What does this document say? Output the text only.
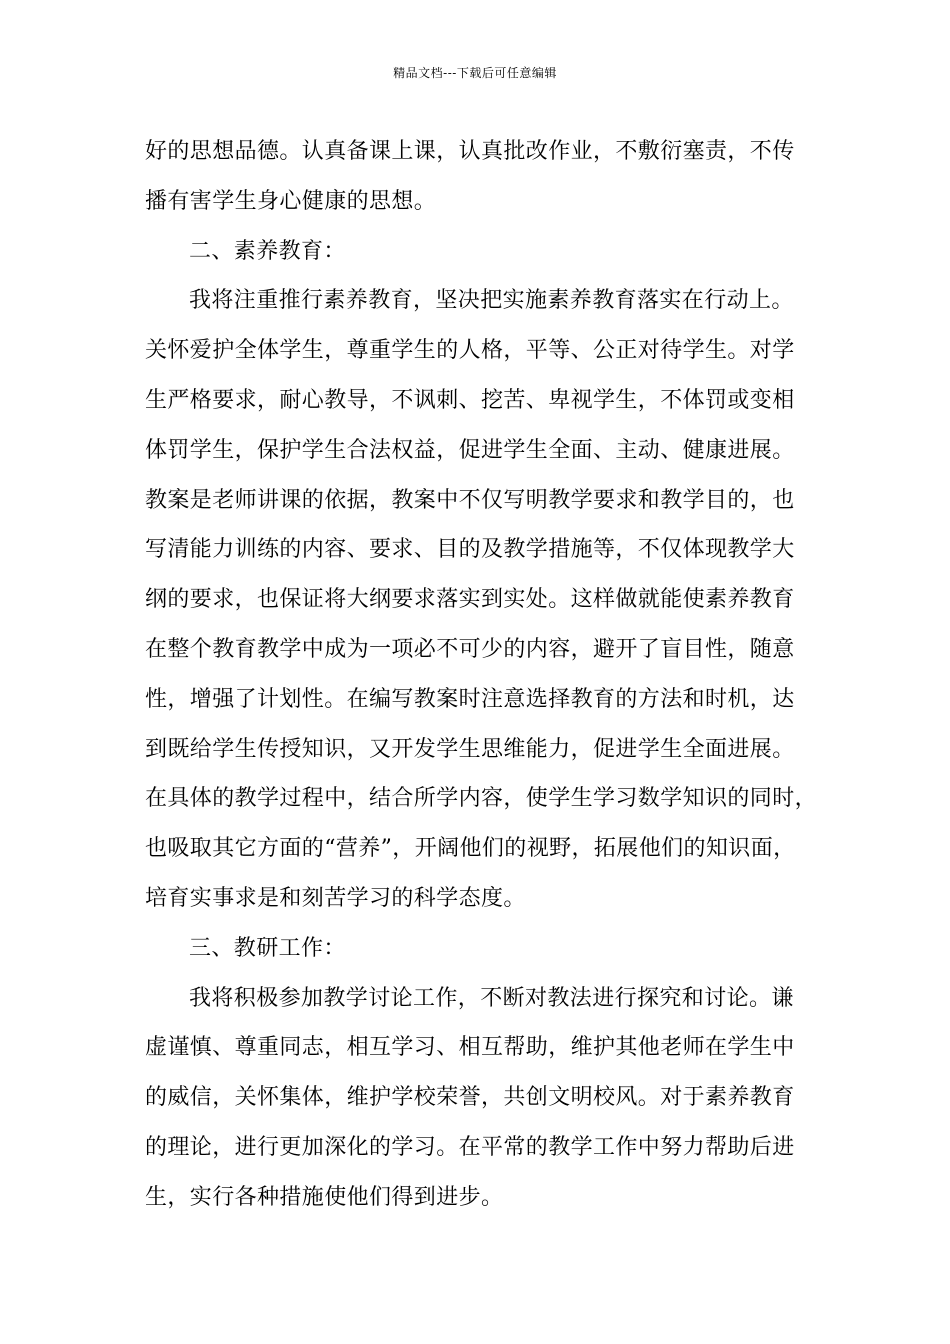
精品文档---下载后可任意编辑
好的思想品德。认真备课上课，认真批改作业，不敷衍塞责，不传
播有害学生身心健康的思想。
二、素养教育：
我将注重推行素养教育，坚决把实施素养教育落实在行动上。
关怀爱护全体学生，尊重学生的人格，平等、公正对待学生。对学
生严格要求，耐心教导，不讽刺、挖苦、卑视学生，不体罚或变相
体罚学生，保护学生合法权益，促进学生全面、主动、健康进展。
教案是老师讲课的依据，教案中不仅写明教学要求和教学目的，也
写清能力训练的内容、要求、目的及教学措施等，不仅体现教学大
纲的要求，也保证将大纲要求落实到实处。这样做就能使素养教育
在整个教育教学中成为一项必不可少的内容，避开了盲目性，随意
性，增强了计划性。在编写教案时注意选择教育的方法和时机，达
到既给学生传授知识，又开发学生思维能力，促进学生全面进展。
在具体的教学过程中，结合所学内容，使学生学习数学知识的同时，
也吸取其它方面的“营养”，开阔他们的视野，拓展他们的知识面，
培育实事求是和刻苦学习的科学态度。
三、教研工作：
我将积极参加教学讨论工作，不断对教法进行探究和讨论。谦
虚谨慎、尊重同志，相互学习、相互帮助，维护其他老师在学生中
的威信，关怀集体，维护学校荣誉，共创文明校风。对于素养教育
的理论，进行更加深化的学习。在平常的教学工作中努力帮助后进
生，实行各种措施使他们得到进步。
